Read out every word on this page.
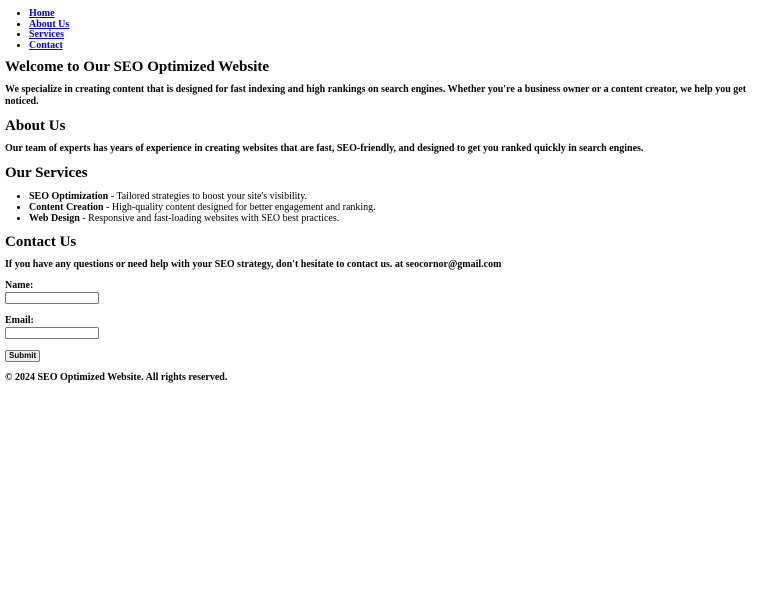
• Home
• About Us
• Services
• Contact
Welcome to Our SEO Optimized Website

We specialize in creating content that is designed for fast indexing and high rankings on search engines. Whether you're a business owner or a content creator, we help you get noticed.

About Us

Our team of experts has years of experience in creating websites that are fast, SEO-friendly, and designed to get you ranked quickly in search engines.

Our Services
• SEO Optimization - Tailored strategies to boost your site's visibility.
• Content Creation - High-quality content designed for better engagement and ranking.
• Web Design - Responsive and fast-loading websites with SEO best practices.
Contact Us

If you have any questions or need help with your SEO strategy, don't hesitate to contact us. at seocornor@gmail.com

Name:
Email:
Submit

© 2024 SEO Optimized Website. All rights reserved.
